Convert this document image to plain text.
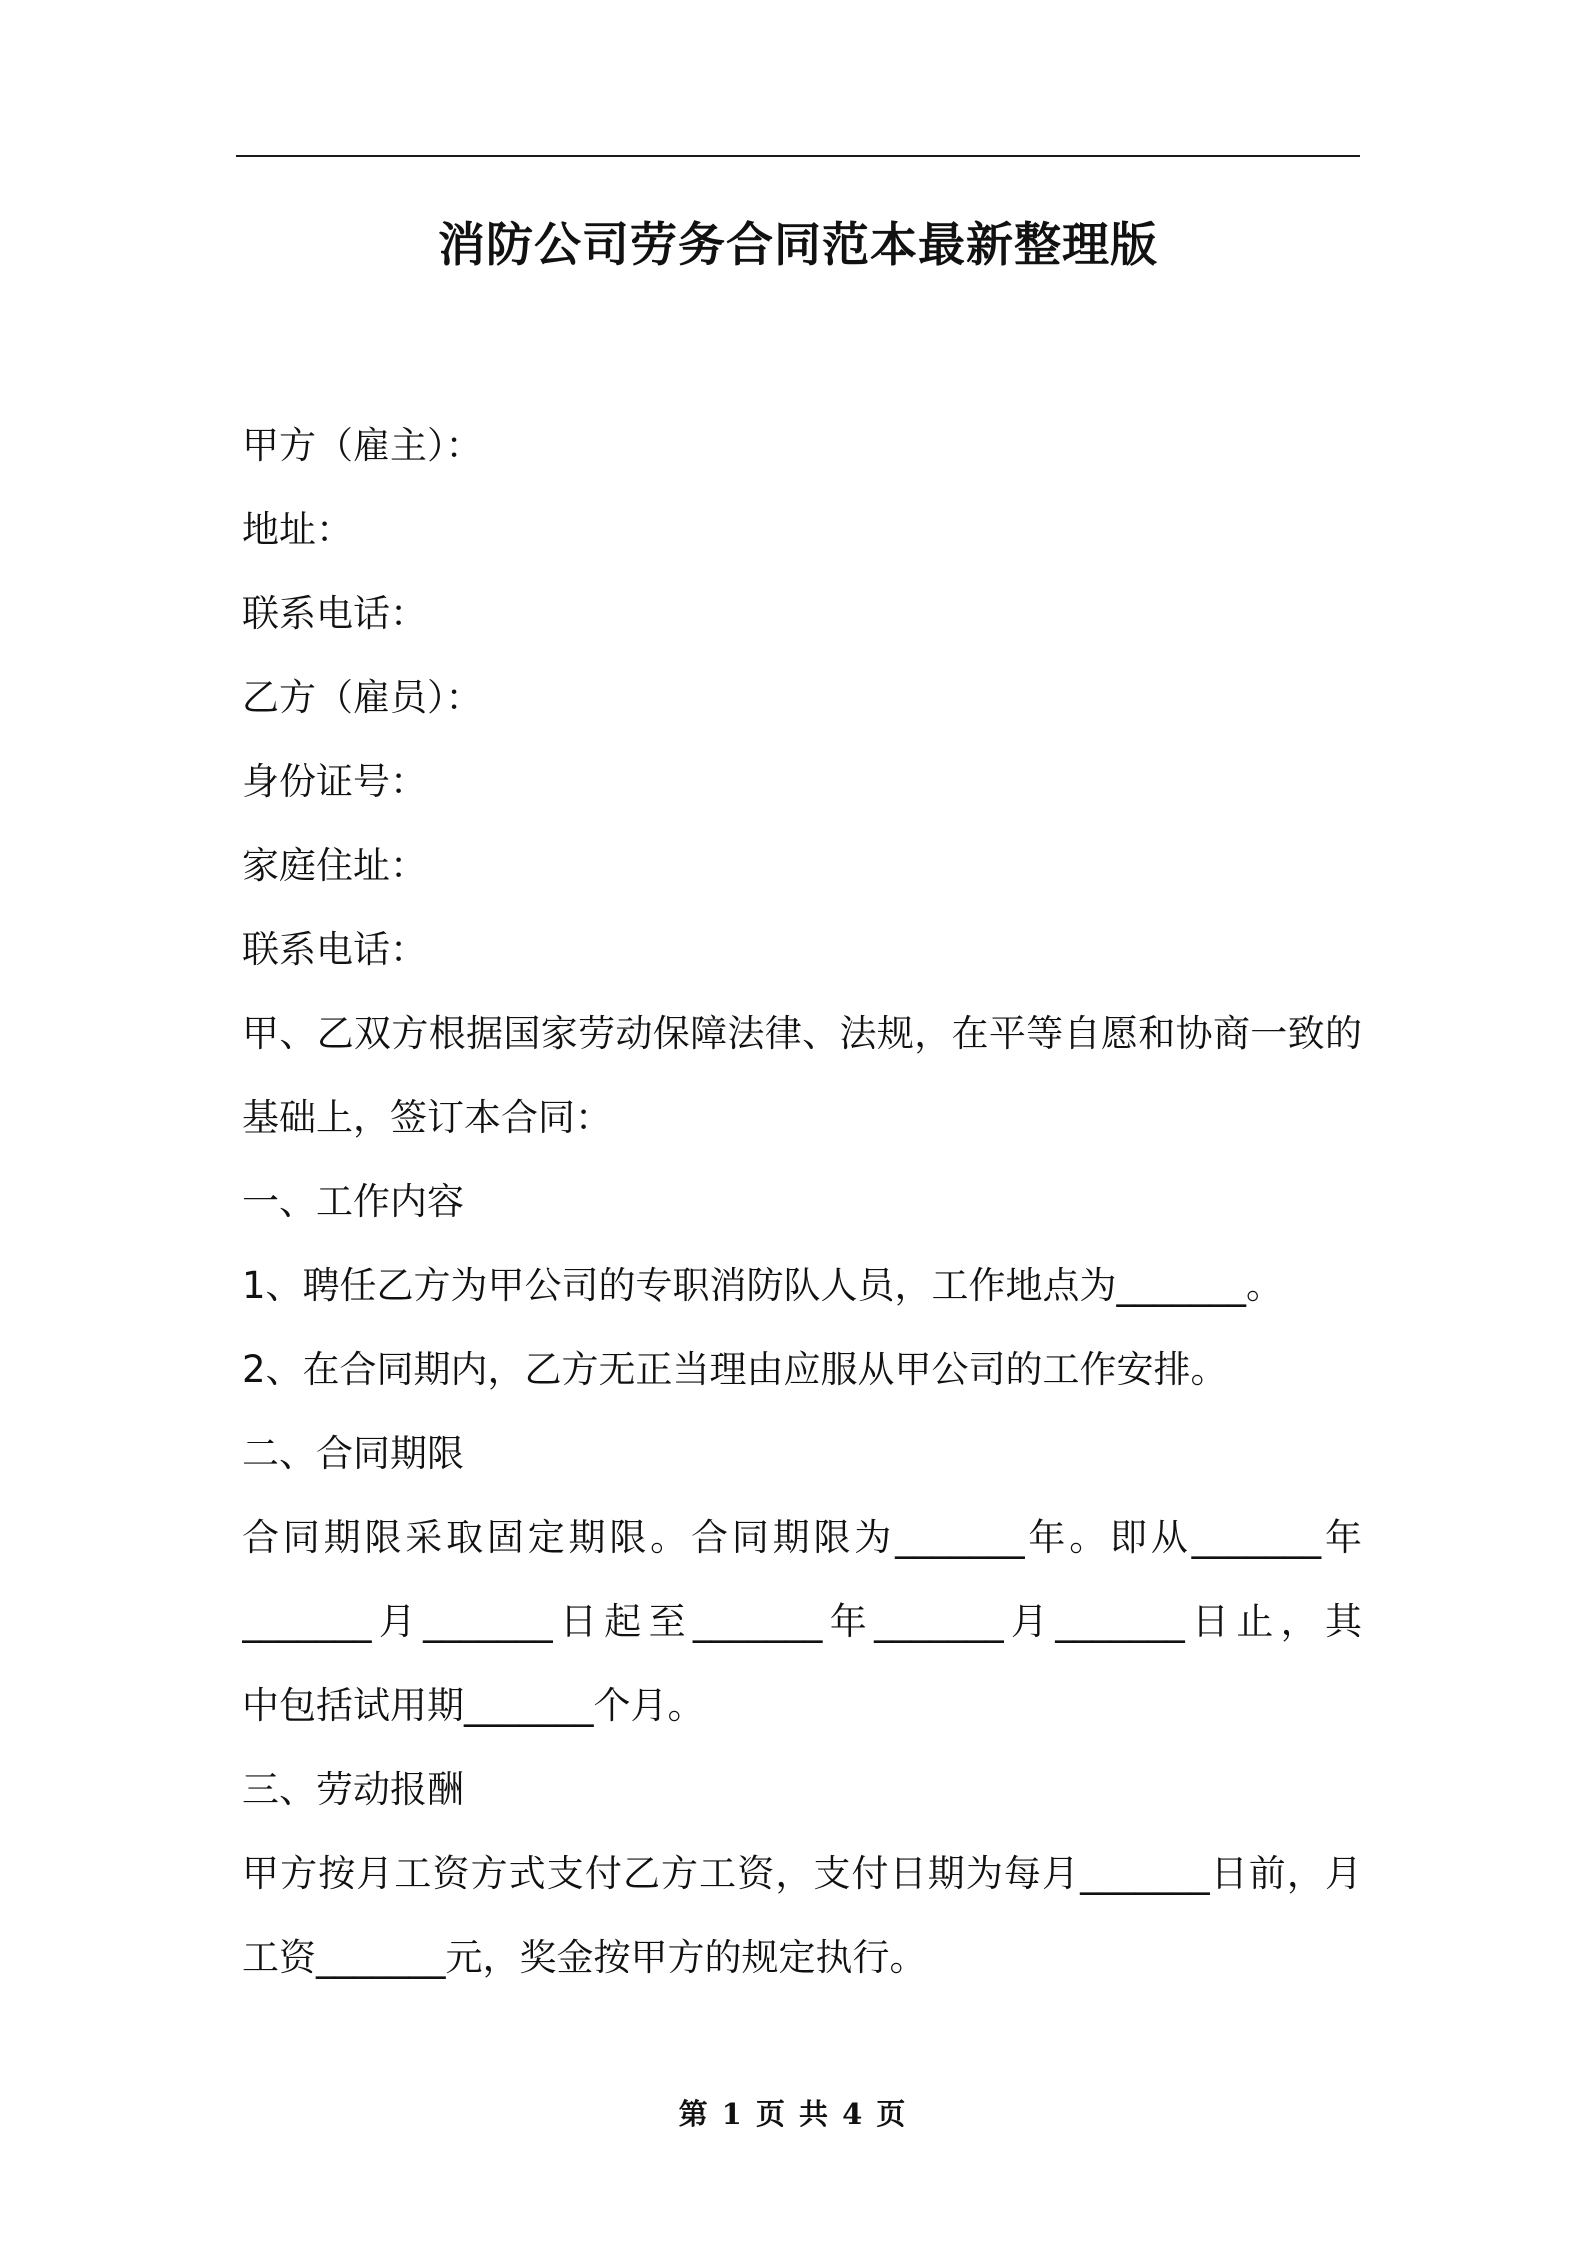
消防公司劳务合同范本最新整理版
甲方（雇主）：
地址：
联系电话：
乙方（雇员）：
身份证号：
家庭住址：
联系电话：
甲、乙双方根据国家劳动保障法律、法规，在平等自愿和协商一致的
基础上，签订本合同：
一、工作内容
1、聘任乙方为甲公司的专职消防队人员，工作地点为_______。
2、在合同期内，乙方无正当理由应服从甲公司的工作安排。
二、合同期限
合同期限采取固定期限。合同期限为_______年。即从_______年
_______月_______日起至_______年_______月_______日止，其
中包括试用期_______个月。
三、劳动报酬
甲方按月工资方式支付乙方工资，支付日期为每月_______日前，月
工资_______元，奖金按甲方的规定执行。
第 1 页 共 4 页
